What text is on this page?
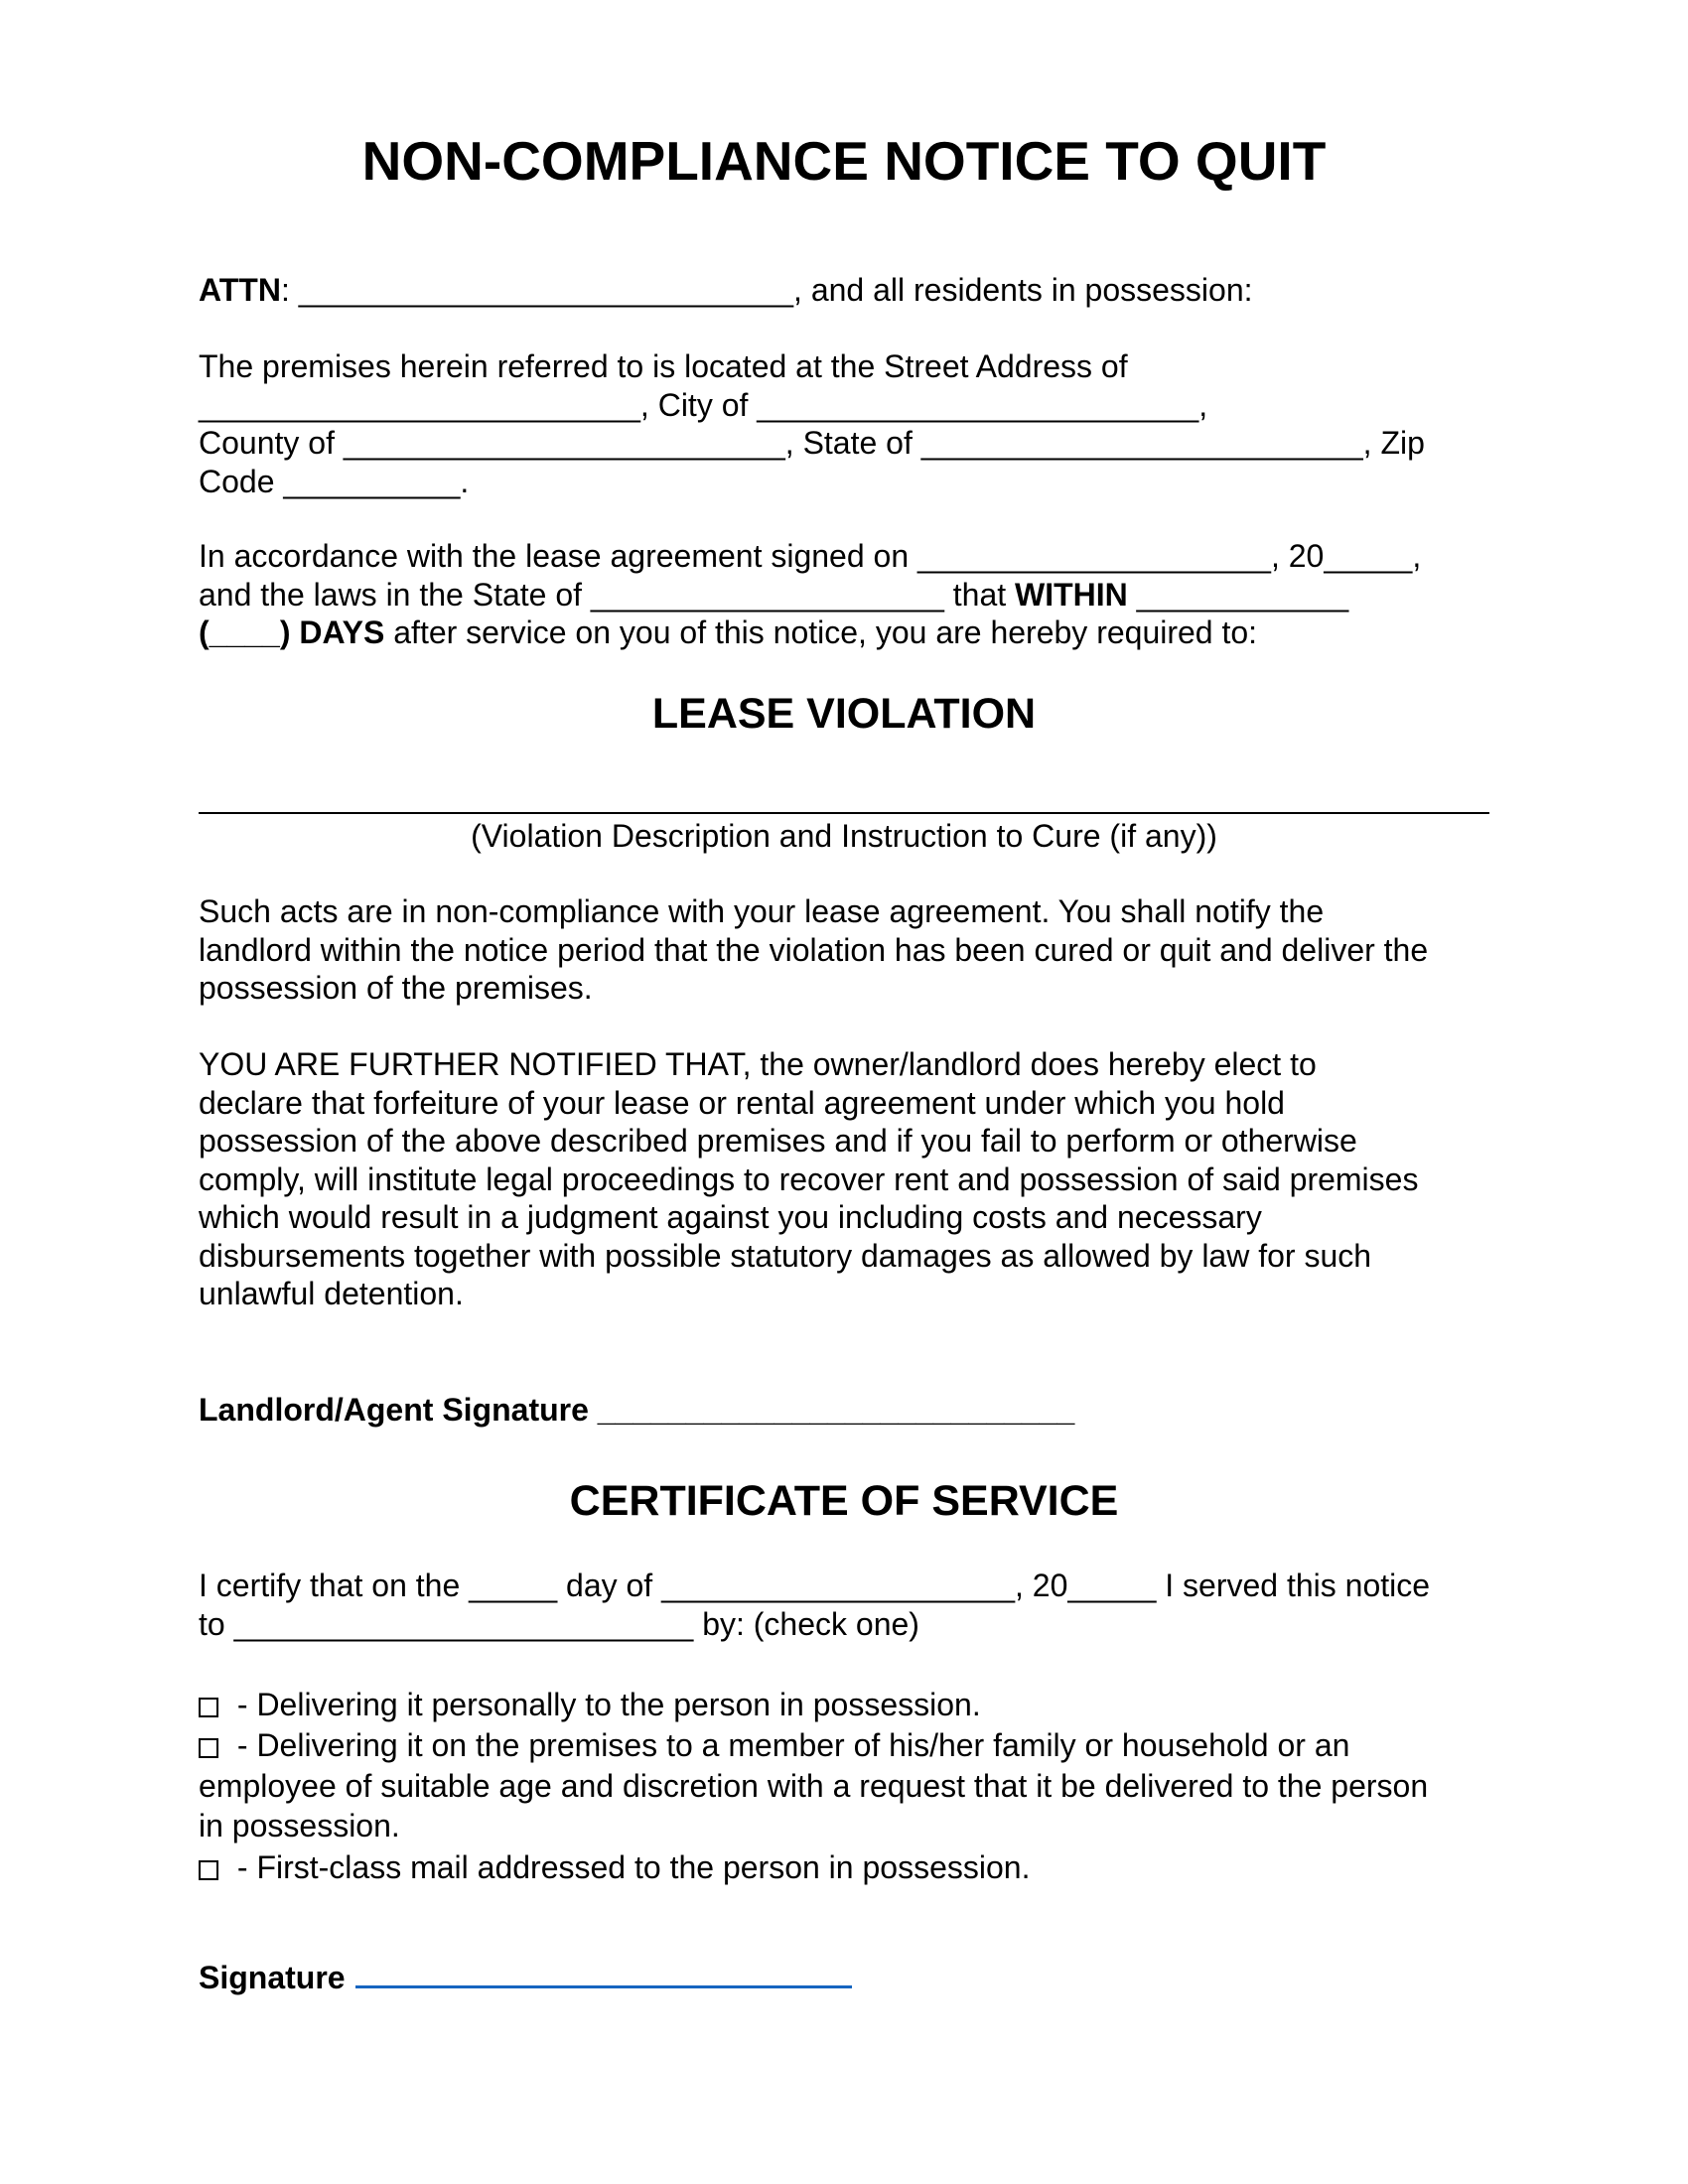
NON-COMPLIANCE NOTICE TO QUIT
ATTN: ____________________________, and all residents in possession:
The premises herein referred to is located at the Street Address of
_________________________, City of _________________________,
County of _________________________, State of _________________________, Zip
Code __________.
In accordance with the lease agreement signed on ____________________, 20_____,
and the laws in the State of ____________________ that WITHIN ____________
(____) DAYS after service on you of this notice, you are hereby required to:
LEASE VIOLATION
(Violation Description and Instruction to Cure (if any))
Such acts are in non-compliance with your lease agreement. You shall notify the
landlord within the notice period that the violation has been cured or quit and deliver the
possession of the premises.
YOU ARE FURTHER NOTIFIED THAT, the owner/landlord does hereby elect to
declare that forfeiture of your lease or rental agreement under which you hold
possession of the above described premises and if you fail to perform or otherwise
comply, will institute legal proceedings to recover rent and possession of said premises
which would result in a judgment against you including costs and necessary
disbursements together with possible statutory damages as allowed by law for such
unlawful detention.
Landlord/Agent Signature ___________________________
CERTIFICATE OF SERVICE
I certify that on the _____ day of ____________________, 20_____ I served this notice
to __________________________ by: (check one)
- Delivering it personally to the person in possession.
- Delivering it on the premises to a member of his/her family or household or an
employee of suitable age and discretion with a request that it be delivered to the person
in possession.
- First-class mail addressed to the person in possession.
Signature
